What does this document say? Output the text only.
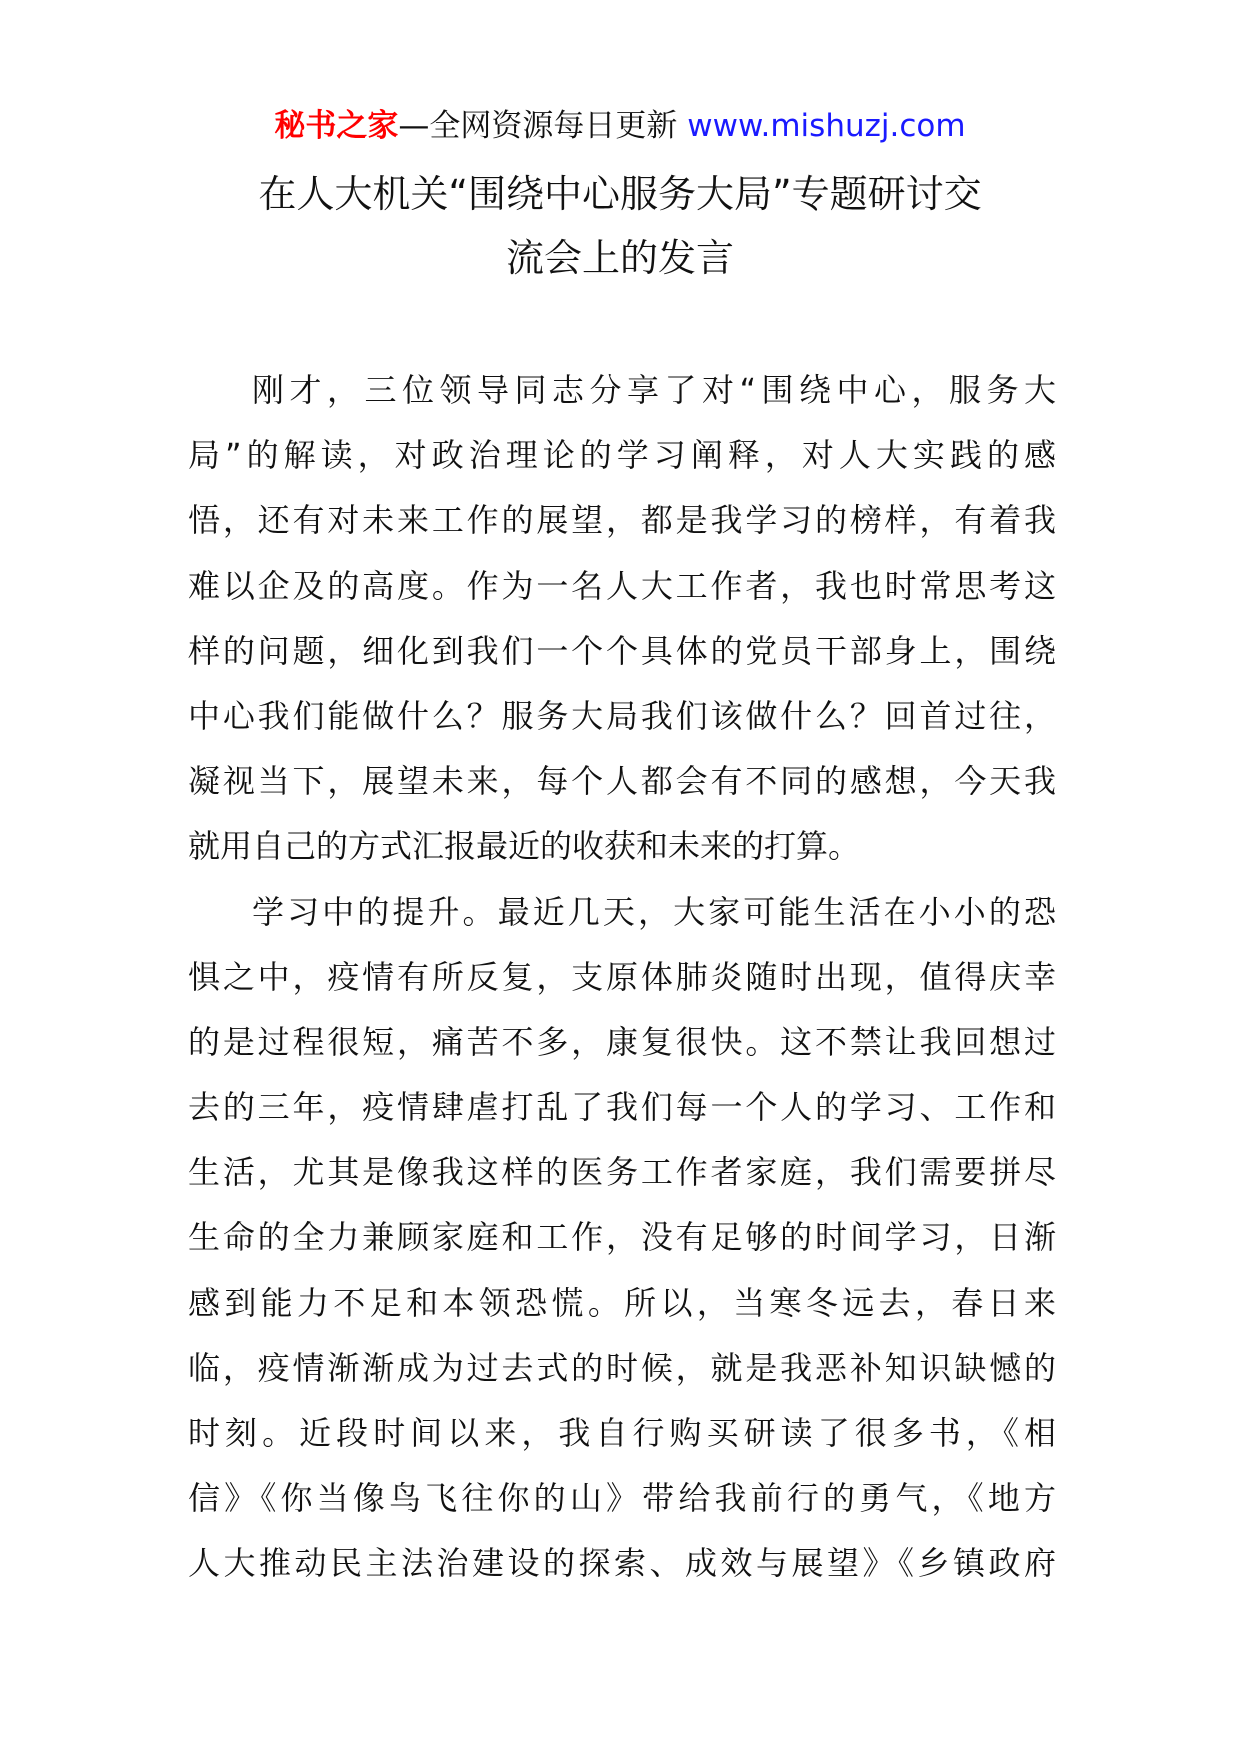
秘书之家—全网资源每日更新 www.mishuzj.com
在人大机关“围绕中心服务大局”专题研讨交
流会上的发言

刚才，三位领导同志分享了对“围绕中心，服务大
局”的解读，对政治理论的学习阐释，对人大实践的感
悟，还有对未来工作的展望，都是我学习的榜样，有着我
难以企及的高度。作为一名人大工作者，我也时常思考这
样的问题，细化到我们一个个具体的党员干部身上，围绕
中心我们能做什么？服务大局我们该做什么？回首过往，
凝视当下，展望未来，每个人都会有不同的感想，今天我
就用自己的方式汇报最近的收获和未来的打算。

学习中的提升。最近几天，大家可能生活在小小的恐
惧之中，疫情有所反复，支原体肺炎随时出现，值得庆幸
的是过程很短，痛苦不多，康复很快。这不禁让我回想过
去的三年，疫情肆虐打乱了我们每一个人的学习、工作和
生活，尤其是像我这样的医务工作者家庭，我们需要拼尽
生命的全力兼顾家庭和工作，没有足够的时间学习，日渐
感到能力不足和本领恐慌。所以，当寒冬远去，春日来
临，疫情渐渐成为过去式的时候，就是我恶补知识缺憾的
时刻。近段时间以来，我自行购买研读了很多书，《相
信》《你当像鸟飞往你的山》带给我前行的勇气，《地方
人大推动民主法治建设的探索、成效与展望》《乡镇政府
